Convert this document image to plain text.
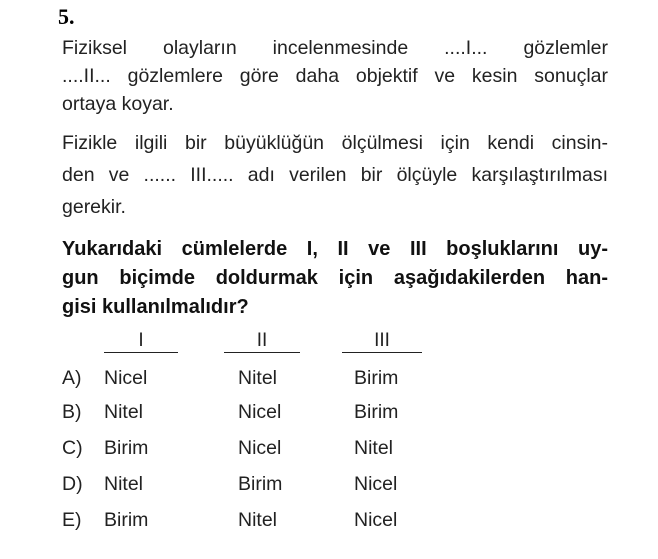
5.
Fiziksel olayların incelenmesinde ....I... gözlemler
....II... gözlemlere göre daha objektif ve kesin sonuçlar
ortaya koyar.
Fizikle ilgili bir büyüklüğün ölçülmesi için kendi cinsin-
den ve ...... III..... adı verilen bir ölçüyle karşılaştırılması
gerekir.
Yukarıdaki cümlelerde I, II ve III boşluklarını uy-
gun biçimde doldurmak için aşağıdakilerden han-
gisi kullanılmalıdır?
I	II	III
A) Nicel	Nitel	Birim
B) Nitel	Nicel	Birim
C) Birim	Nicel	Nitel
D) Nitel	Birim	Nicel
E) Birim	Nitel	Nicel
